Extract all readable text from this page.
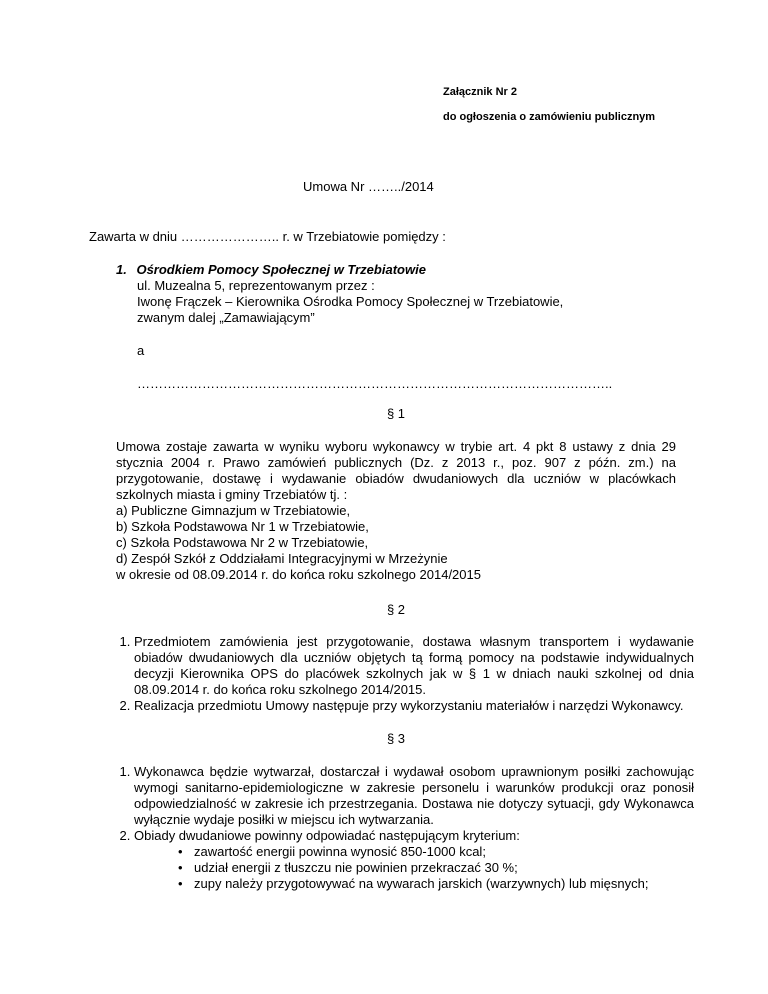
Załącznik Nr 2
do ogłoszenia o zamówieniu publicznym
Umowa Nr ……../2014
Zawarta w dniu ………………….. r. w Trzebiatowie pomiędzy :
1. Ośrodkiem Pomocy Społecznej w Trzebiatowie
ul. Muzealna 5, reprezentowanym przez :
Iwonę Frączek – Kierownika Ośrodka Pomocy Społecznej w Trzebiatowie,
zwanym dalej „Zamawiającym”
a
………………………………………………………………………………………………..
§ 1
Umowa zostaje zawarta w wyniku wyboru wykonawcy w trybie art. 4 pkt 8 ustawy z dnia 29 stycznia 2004 r. Prawo zamówień publicznych (Dz. z 2013 r., poz. 907 z późn. zm.) na przygotowanie, dostawę i wydawanie obiadów dwudaniowych dla uczniów w placówkach szkolnych miasta i gminy Trzebiatów tj. :
a) Publiczne Gimnazjum w Trzebiatowie,
b) Szkoła Podstawowa Nr 1 w Trzebiatowie,
c) Szkoła Podstawowa Nr 2 w Trzebiatowie,
d) Zespół Szkół z Oddziałami Integracyjnymi w Mrzeżynie
w okresie od 08.09.2014 r. do końca roku szkolnego 2014/2015
§ 2
1. Przedmiotem zamówienia jest przygotowanie, dostawa własnym transportem i wydawanie obiadów dwudaniowych dla uczniów objętych tą formą pomocy na podstawie indywidualnych decyzji Kierownika OPS do placówek szkolnych jak w § 1 w dniach nauki szkolnej od dnia 08.09.2014 r. do końca roku szkolnego 2014/2015.
2. Realizacja przedmiotu Umowy następuje przy wykorzystaniu materiałów i narzędzi Wykonawcy.
§ 3
1. Wykonawca będzie wytwarzał, dostarczał i wydawał osobom uprawnionym posiłki zachowując wymogi sanitarno-epidemiologiczne w zakresie personelu i warunków produkcji oraz ponosił odpowiedzialność w zakresie ich przestrzegania. Dostawa nie dotyczy sytuacji, gdy Wykonawca wyłącznie wydaje posiłki w miejscu ich wytwarzania.
2. Obiady dwudaniowe powinny odpowiadać następującym kryterium:
• zawartość energii powinna wynosić 850-1000 kcal;
• udział energii z tłuszczu nie powinien przekraczać 30 %;
• zupy należy przygotowywać na wywarach jarskich (warzywnych) lub mięsnych;
